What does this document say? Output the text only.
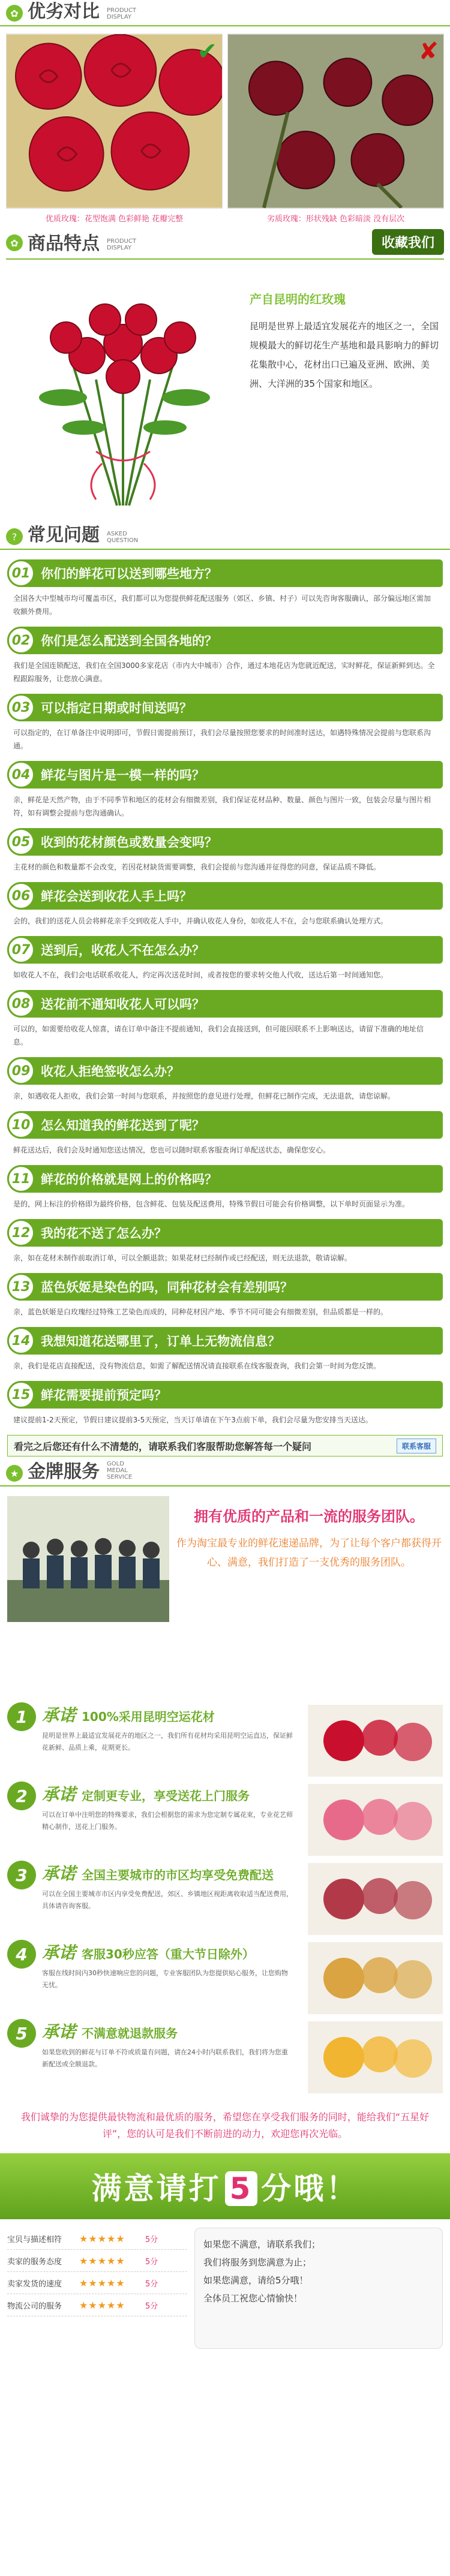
✿ 优劣对比 PRODUCT DISPLAY
✔
优质玫瑰：花型饱满 色彩鲜艳 花瓣完整
✘
劣质玫瑰：形状残缺 色彩暗淡 没有层次
✿ 商品特点 PRODUCT DISPLAY	收藏我们
产自昆明的红玫瑰
昆明是世界上最适宜发展花卉的地区之一，全国规模最大的鲜切花生产基地和最具影响力的鲜切花集散中心，花材出口已遍及亚洲、欧洲、美洲、大洋洲的35个国家和地区。
? 常见问题 ASKED QUESTION
01 你们的鲜花可以送到哪些地方？
全国各大中型城市均可覆盖市区，我们都可以为您提供鲜花配送服务（郊区、乡镇、村子）可以先咨询客服确认，部分偏远地区需加收额外费用。
02 你们是怎么配送到全国各地的？
我们是全国连锁配送，我们在全国3000多家花店（市内大中城市）合作，通过本地花店为您就近配送，实时鲜花，保证新鲜到达。全程跟踪服务，让您放心满意。
03 可以指定日期或时间送吗？
可以指定的，在订单备注中说明即可，节假日需提前预订，我们会尽量按照您要求的时间准时送达，如遇特殊情况会提前与您联系沟通。
04 鲜花与图片是一模一样的吗？
亲，鲜花是天然产物，由于不同季节和地区的花材会有细微差别，我们保证花材品种、数量、颜色与图片一致，包装会尽量与图片相符，如有调整会提前与您沟通确认。
05 收到的花材颜色或数量会变吗？
主花材的颜色和数量都不会改变，若因花材缺货需要调整，我们会提前与您沟通并征得您的同意，保证品质不降低。
06 鲜花会送到收花人手上吗？
会的，我们的送花人员会将鲜花亲手交到收花人手中，并确认收花人身份，如收花人不在，会与您联系确认处理方式。
07 送到后，收花人不在怎么办？
如收花人不在，我们会电话联系收花人，约定再次送花时间，或者按您的要求转交他人代收，送达后第一时间通知您。
08 送花前不通知收花人可以吗？
可以的，如需要给收花人惊喜，请在订单中备注不提前通知，我们会直接送到，但可能因联系不上影响送达，请留下准确的地址信息。
09 收花人拒绝签收怎么办？
亲，如遇收花人拒收，我们会第一时间与您联系，并按照您的意见进行处理，但鲜花已制作完成，无法退款，请您谅解。
10 怎么知道我的鲜花送到了呢？
鲜花送达后，我们会及时通知您送达情况，您也可以随时联系客服查询订单配送状态，确保您安心。
11 鲜花的价格就是网上的价格吗？
是的，网上标注的价格即为最终价格，包含鲜花、包装及配送费用，特殊节假日可能会有价格调整，以下单时页面显示为准。
12 我的花不送了怎么办？
亲，如在花材未制作前取消订单，可以全额退款；如果花材已经制作或已经配送，则无法退款，敬请谅解。
13 蓝色妖姬是染色的吗，同种花材会有差别吗？
亲，蓝色妖姬是白玫瑰经过特殊工艺染色而成的，同种花材因产地、季节不同可能会有细微差别，但品质都是一样的。
14 我想知道花送哪里了，订单上无物流信息？
亲，我们是花店直接配送，没有物流信息，如需了解配送情况请直接联系在线客服查询，我们会第一时间为您反馈。
15 鲜花需要提前预定吗？
建议提前1-2天预定，节假日建议提前3-5天预定，当天订单请在下午3点前下单，我们会尽量为您安排当天送达。
看完之后您还有什么不清楚的，请联系我们客服帮助您解答每一个疑问	联系客服
★ 金牌服务 GOLD MEDAL SERVICE
拥有优质的产品和一流的服务团队。
作为淘宝最专业的鲜花速递品牌，为了让每个客户都获得开心、满意，我们打造了一支优秀的服务团队。
1 承诺 100%采用昆明空运花材
昆明是世界上最适宜发展花卉的地区之一，我们所有花材均采用昆明空运直达，保证鲜花新鲜、品质上乘，花期更长。
2 承诺 定制更专业，享受送花上门服务
可以在订单中注明您的特殊要求，我们会根据您的需求为您定制专属花束，专业花艺师精心制作，送花上门服务。
3 承诺 全国主要城市的市区均享受免费配送
可以在全国主要城市市区内享受免费配送，郊区、乡镇地区视距离收取适当配送费用，具体请咨询客服。
4 承诺 客服30秒应答（重大节日除外）
客服在线时间内30秒快速响应您的问题，专业客服团队为您提供贴心服务，让您购物无忧。
5 承诺 不满意就退款服务
如果您收到的鲜花与订单不符或质量有问题，请在24小时内联系我们，我们将为您重新配送或全额退款。
我们诚挚的为您提供最快物流和最优质的服务，希望您在享受我们服务的同时，能给我们“五星好评”，您的认可是我们不断前进的动力，欢迎您再次光临。
满意请打 5 分哦！
宝贝与描述相符	★★★★★	5分
卖家的服务态度	★★★★★	5分
卖家发货的速度	★★★★★	5分
物流公司的服务	★★★★★	5分
如果您不满意，请联系我们；
我们将服务到您满意为止；
如果您满意，请给5分哦！
全体员工祝您心情愉快！
